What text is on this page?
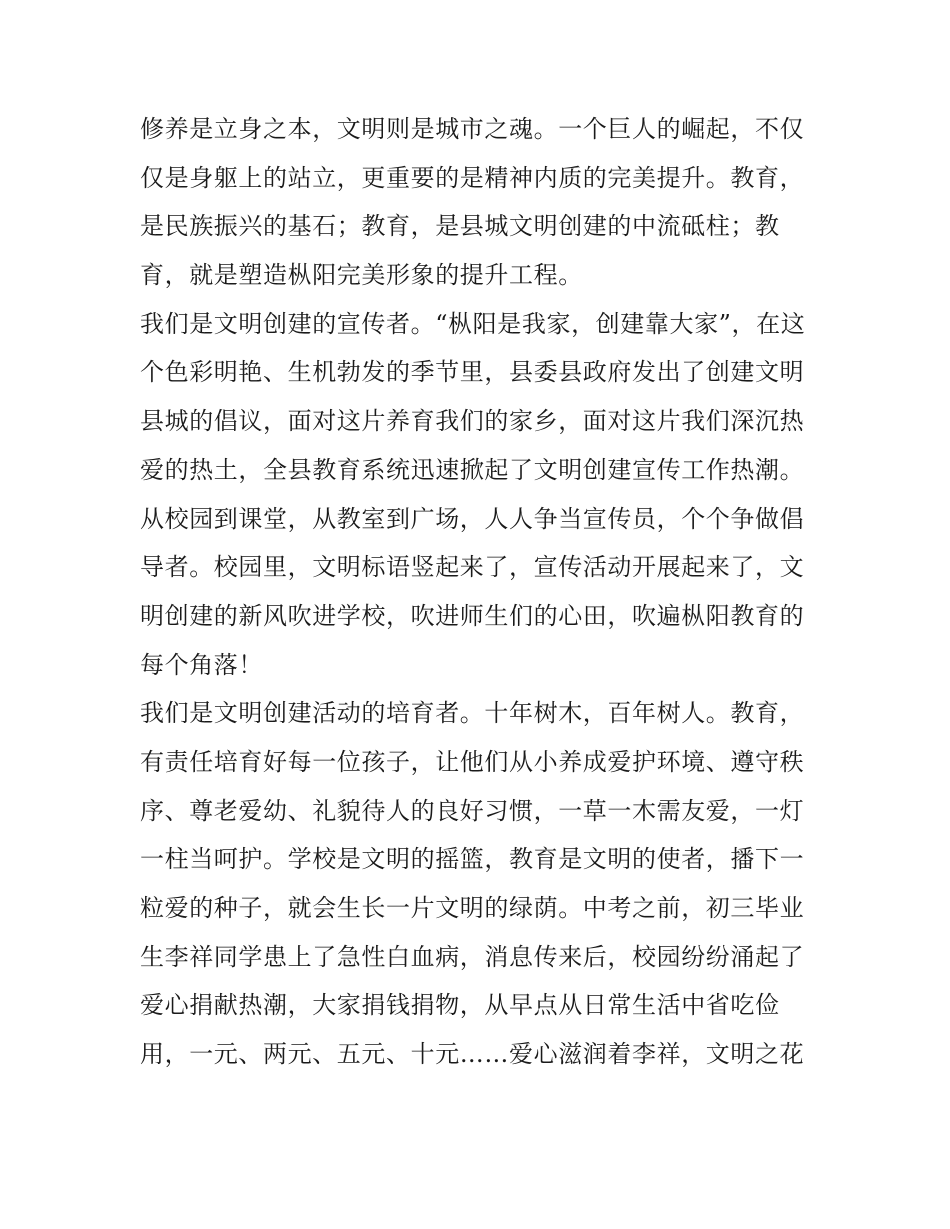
修养是立身之本，文明则是城市之魂。一个巨人的崛起，不仅
仅是身躯上的站立，更重要的是精神内质的完美提升。教育，
是民族振兴的基石；教育，是县城文明创建的中流砥柱；教
育，就是塑造枞阳完美形象的提升工程。
我们是文明创建的宣传者。“枞阳是我家，创建靠大家”，在这
个色彩明艳、生机勃发的季节里，县委县政府发出了创建文明
县城的倡议，面对这片养育我们的家乡，面对这片我们深沉热
爱的热土，全县教育系统迅速掀起了文明创建宣传工作热潮。
从校园到课堂，从教室到广场，人人争当宣传员，个个争做倡
导者。校园里，文明标语竖起来了，宣传活动开展起来了，文
明创建的新风吹进学校，吹进师生们的心田，吹遍枞阳教育的
每个角落！
我们是文明创建活动的培育者。十年树木，百年树人。教育，
有责任培育好每一位孩子，让他们从小养成爱护环境、遵守秩
序、尊老爱幼、礼貌待人的良好习惯，一草一木需友爱，一灯
一柱当呵护。学校是文明的摇篮，教育是文明的使者，播下一
粒爱的种子，就会生长一片文明的绿荫。中考之前，初三毕业
生李祥同学患上了急性白血病，消息传来后，校园纷纷涌起了
爱心捐献热潮，大家捐钱捐物，从早点从日常生活中省吃俭
用，一元、两元、五元、十元……爱心滋润着李祥，文明之花
